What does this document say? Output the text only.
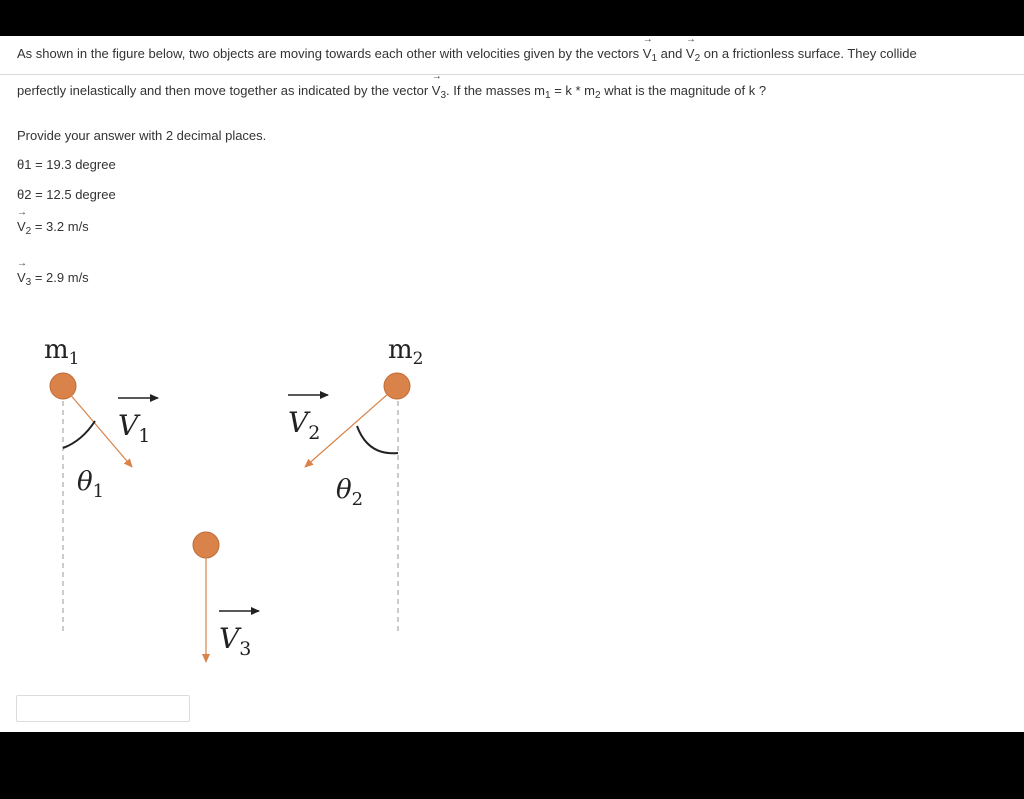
As shown in the figure below, two objects are moving towards each other with velocities given by the vectors → $V_1$ and → $V_2$ on a frictionless surface. They collide
perfectly inelastically and then move together as indicated by the vector → $V_3$. If the masses $m_1 = k * m_2$ what is the magnitude of k ?
Provide your answer with 2 decimal places.
θ1 = 19.3 degree
θ2 = 12.5 degree
→ $V_2 = 3.2$ m/s
→ $V_3 = 2.9$ m/s
$m_1$
$V_1$
$\theta_1$
$m_2$
$V_2$
$\theta_2$
$V_3$
